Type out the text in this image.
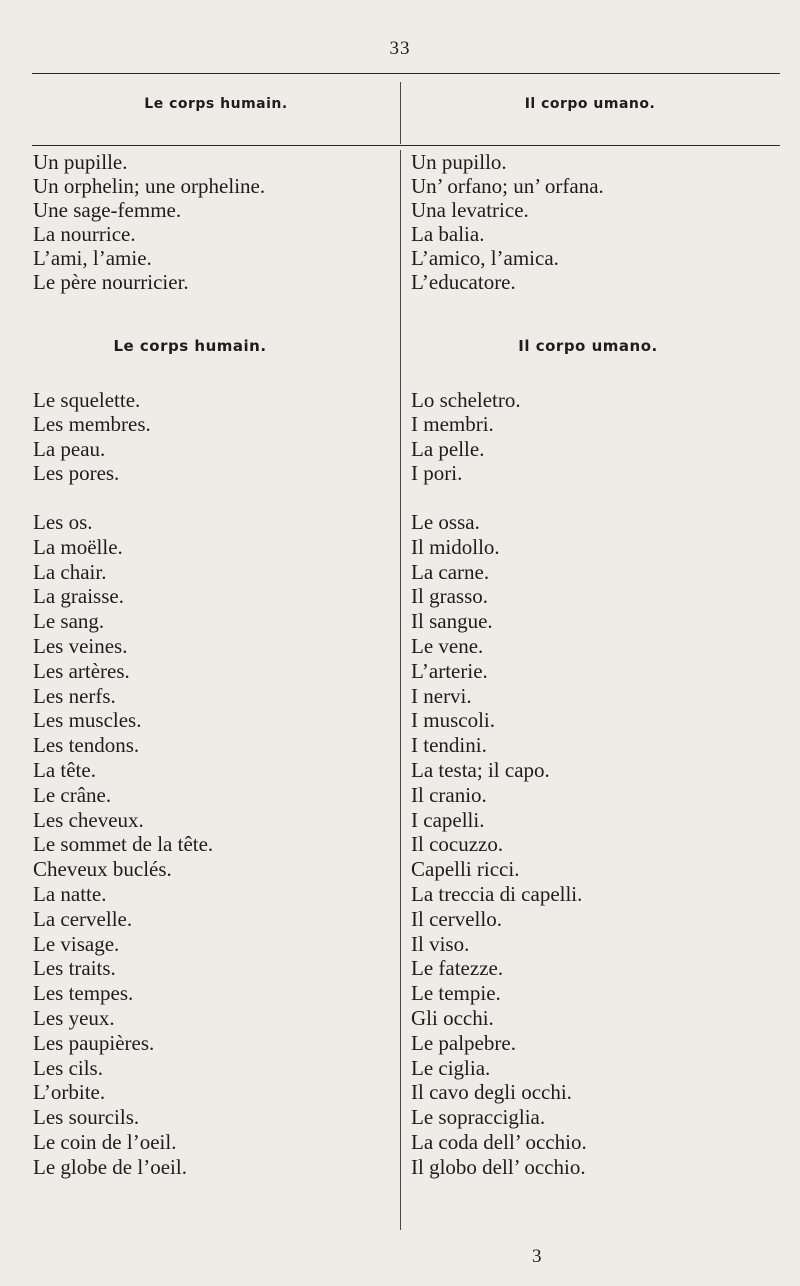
33
Le corps humain.	Il corpo umano.
Un pupille.	Un pupillo.
Un orphelin; une orpheline.	Un’ orfano; un’ orfana.
Une sage-femme.	Una levatrice.
La nourrice.	La balia.
L’ami, l’amie.	L’amico, l’amica.
Le père nourricier.	L’educatore.
Le corps humain.	Il corpo umano.
Le squelette.	Lo scheletro.
Les membres.	I membri.
La peau.	La pelle.
Les pores.	I pori.
Les os.	Le ossa.
La moëlle.	Il midollo.
La chair.	La carne.
La graisse.	Il grasso.
Le sang.	Il sangue.
Les veines.	Le vene.
Les artères.	L’arterie.
Les nerfs.	I nervi.
Les muscles.	I muscoli.
Les tendons.	I tendini.
La tête.	La testa; il capo.
Le crâne.	Il cranio.
Les cheveux.	I capelli.
Le sommet de la tête.	Il cocuzzo.
Cheveux buclés.	Capelli ricci.
La natte.	La treccia di capelli.
La cervelle.	Il cervello.
Le visage.	Il viso.
Les traits.	Le fatezze.
Les tempes.	Le tempie.
Les yeux.	Gli occhi.
Les paupières.	Le palpebre.
Les cils.	Le ciglia.
L’orbite.	Il cavo degli occhi.
Les sourcils.	Le sopracciglia.
Le coin de l’oeil.	La coda dell’ occhio.
Le globe de l’oeil.	Il globo dell’ occhio.
3
